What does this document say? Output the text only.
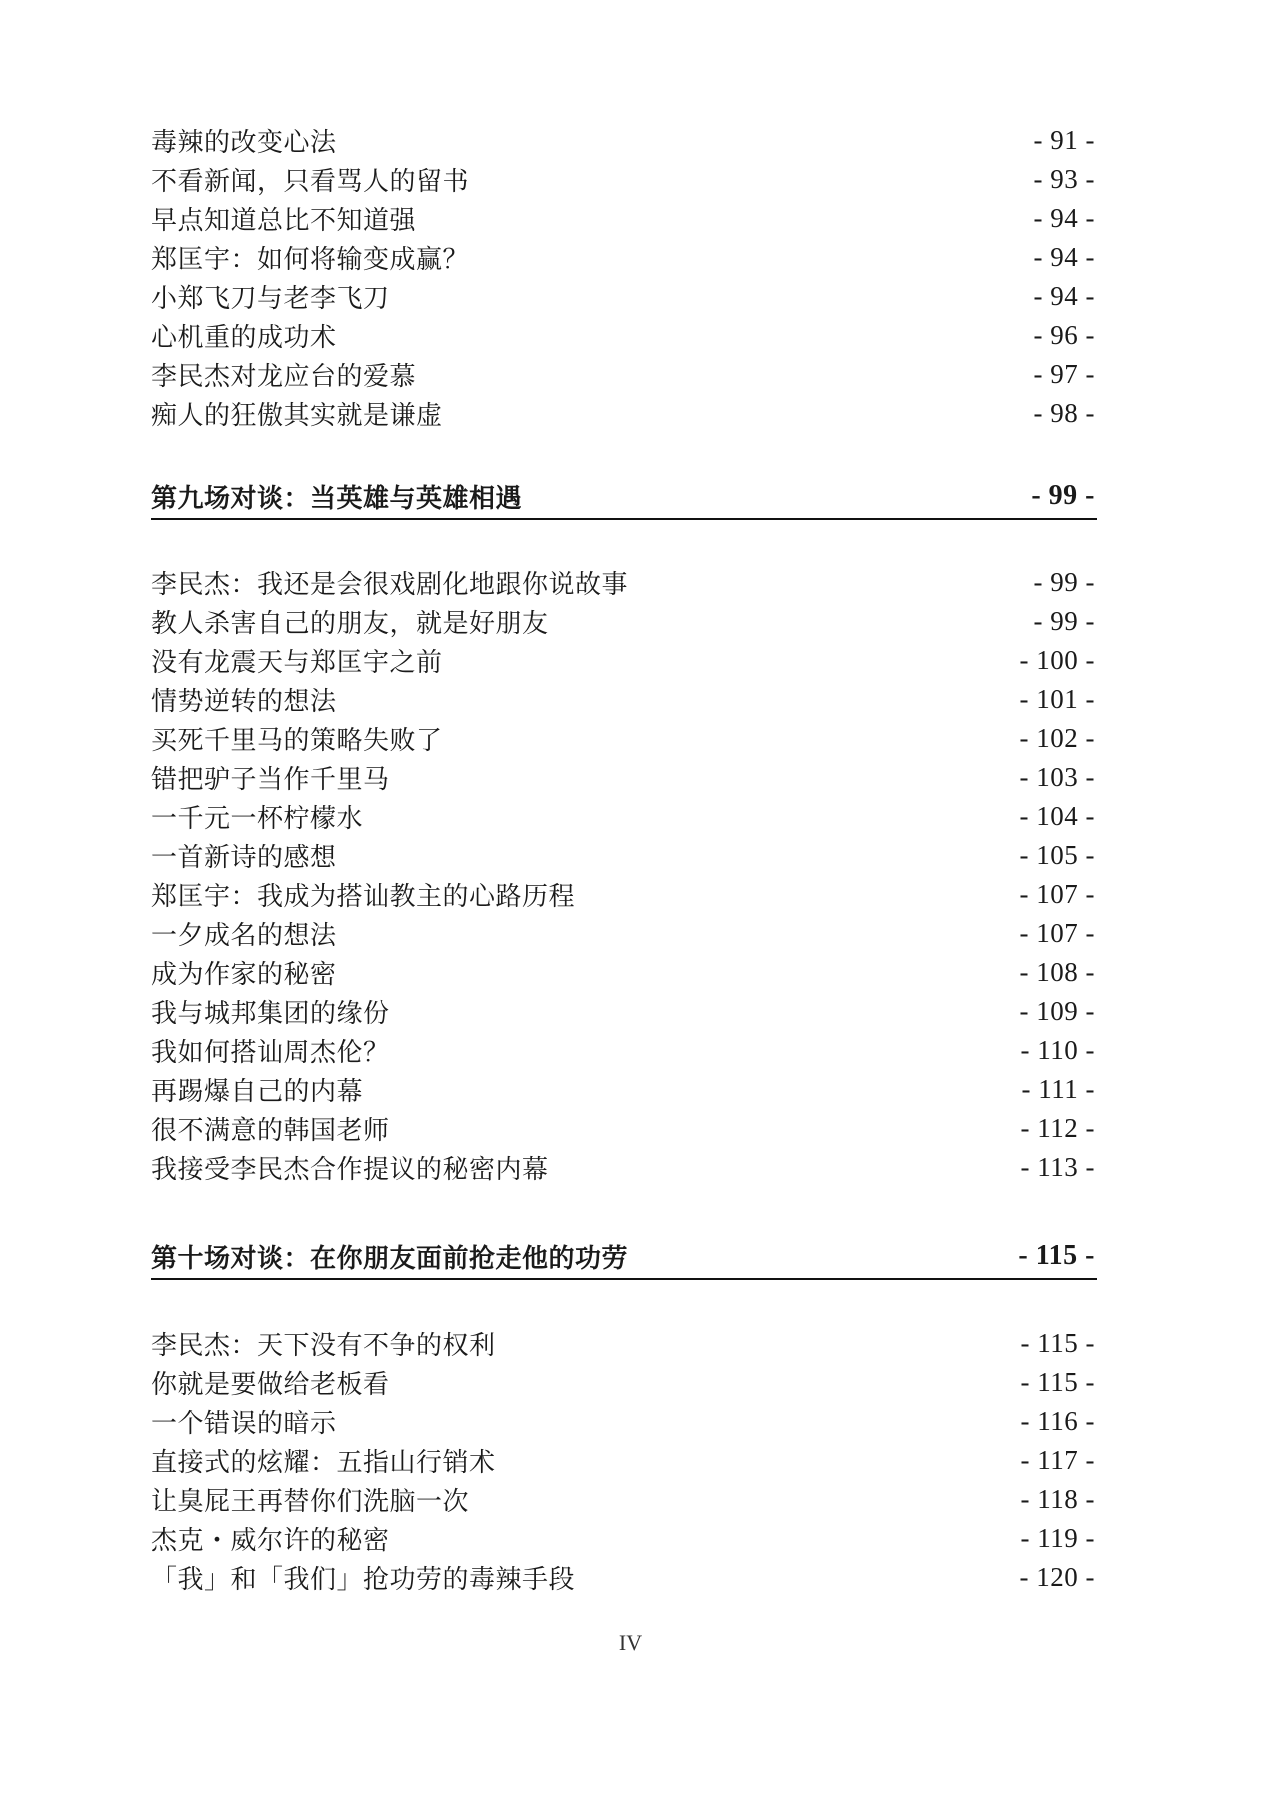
毒辣的改变心法	- 91 -
不看新闻，只看骂人的留书	- 93 -
早点知道总比不知道强	- 94 -
郑匡宇：如何将输变成赢？	- 94 -
小郑飞刀与老李飞刀	- 94 -
心机重的成功术	- 96 -
李民杰对龙应台的爱慕	- 97 -
痴人的狂傲其实就是谦虚	- 98 -
第九场对谈：当英雄与英雄相遇	- 99 -
李民杰：我还是会很戏剧化地跟你说故事	- 99 -
教人杀害自己的朋友，就是好朋友	- 99 -
没有龙震天与郑匡宇之前	- 100 -
情势逆转的想法	- 101 -
买死千里马的策略失败了	- 102 -
错把驴子当作千里马	- 103 -
一千元一杯柠檬水	- 104 -
一首新诗的感想	- 105 -
郑匡宇：我成为搭讪教主的心路历程	- 107 -
一夕成名的想法	- 107 -
成为作家的秘密	- 108 -
我与城邦集团的缘份	- 109 -
我如何搭讪周杰伦？	- 110 -
再踢爆自己的内幕	- 111 -
很不满意的韩国老师	- 112 -
我接受李民杰合作提议的秘密内幕	- 113 -
第十场对谈：在你朋友面前抢走他的功劳	- 115 -
李民杰：天下没有不争的权利	- 115 -
你就是要做给老板看	- 115 -
一个错误的暗示	- 116 -
直接式的炫耀：五指山行销术	- 117 -
让臭屁王再替你们洗脑一次	- 118 -
杰克・威尔许的秘密	- 119 -
「我」和「我们」抢功劳的毒辣手段	- 120 -
IV
